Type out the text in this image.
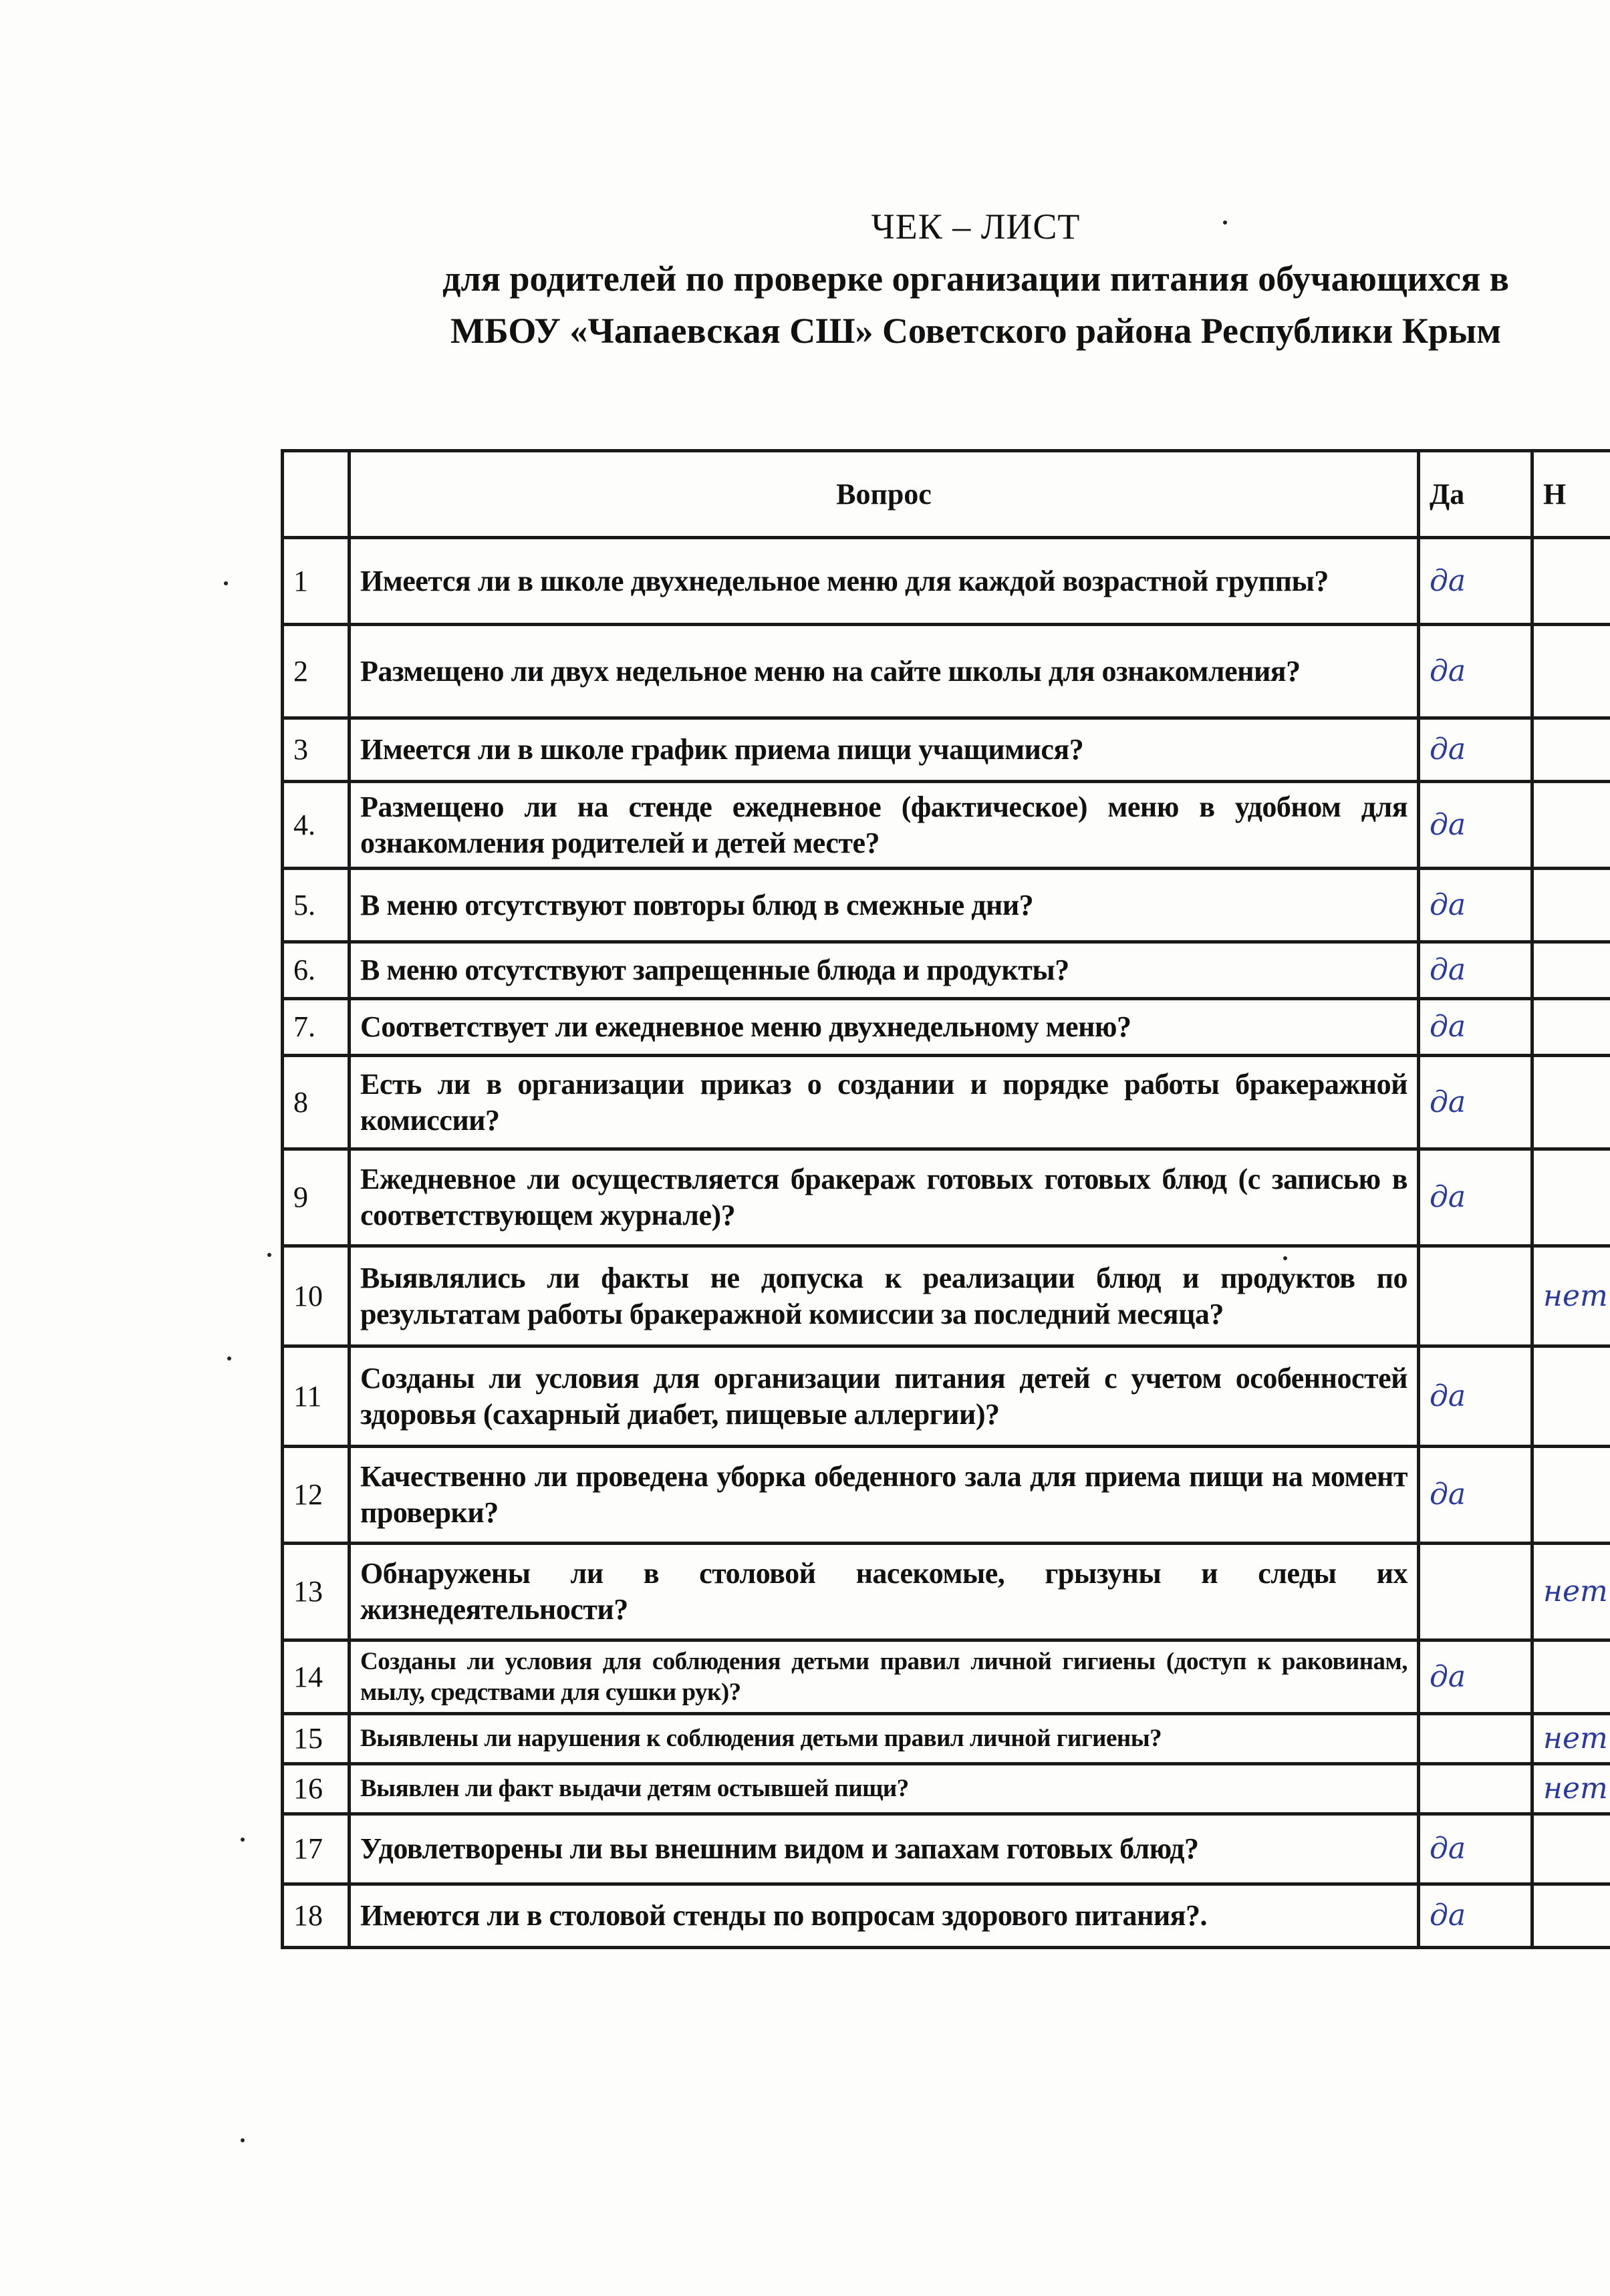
ЧЕК – ЛИСТ
для родителей по проверке организации питания обучающихся в
МБОУ «Чапаевская СШ» Советского района Республики Крым
	Вопрос	Да	Н
1	Имеется ли в школе двухнедельное меню для каждой возрастной группы?	да	
2	Размещено ли двух недельное меню на сайте школы для ознакомления?	да	
3	Имеется ли в школе график приема пищи учащимися?	да	
4.	Размещено ли на стенде ежедневное (фактическое) меню в удобном для ознакомления родителей и детей месте?	да	
5.	В меню отсутствуют повторы блюд в смежные дни?	да	
6.	В меню отсутствуют запрещенные блюда и продукты?	да	
7.	Соответствует ли ежедневное меню двухнедельному меню?	да	
8	Есть ли в организации приказ о создании и порядке работы бракеражной комиссии?	да	
9	Ежедневное ли осуществляется бракераж готовых готовых блюд (с записью в соответствующем журнале)?	да	
10	Выявлялись ли факты не допуска к реализации блюд и продуктов по результатам работы бракеражной комиссии за последний месяца?		нет
11	Созданы ли условия для организации питания детей с учетом особенностей здоровья (сахарный диабет, пищевые аллергии)?	да	
12	Качественно ли проведена уборка обеденного зала для приема пищи на момент проверки?	да	
13	Обнаружены ли в столовой насекомые, грызуны и следы их жизнедеятельности?		нет
14	Созданы ли условия для соблюдения детьми правил личной гигиены (доступ к раковинам, мылу, средствами для сушки рук)?	да	
15	Выявлены ли нарушения к соблюдения детьми правил личной гигиены?		нет
16	Выявлен ли факт выдачи детям остывшей пищи?		нет
17	Удовлетворены ли вы внешним видом и запахам готовых блюд?	да	
18	Имеются ли в столовой стенды по вопросам здорового питания?.	да	
